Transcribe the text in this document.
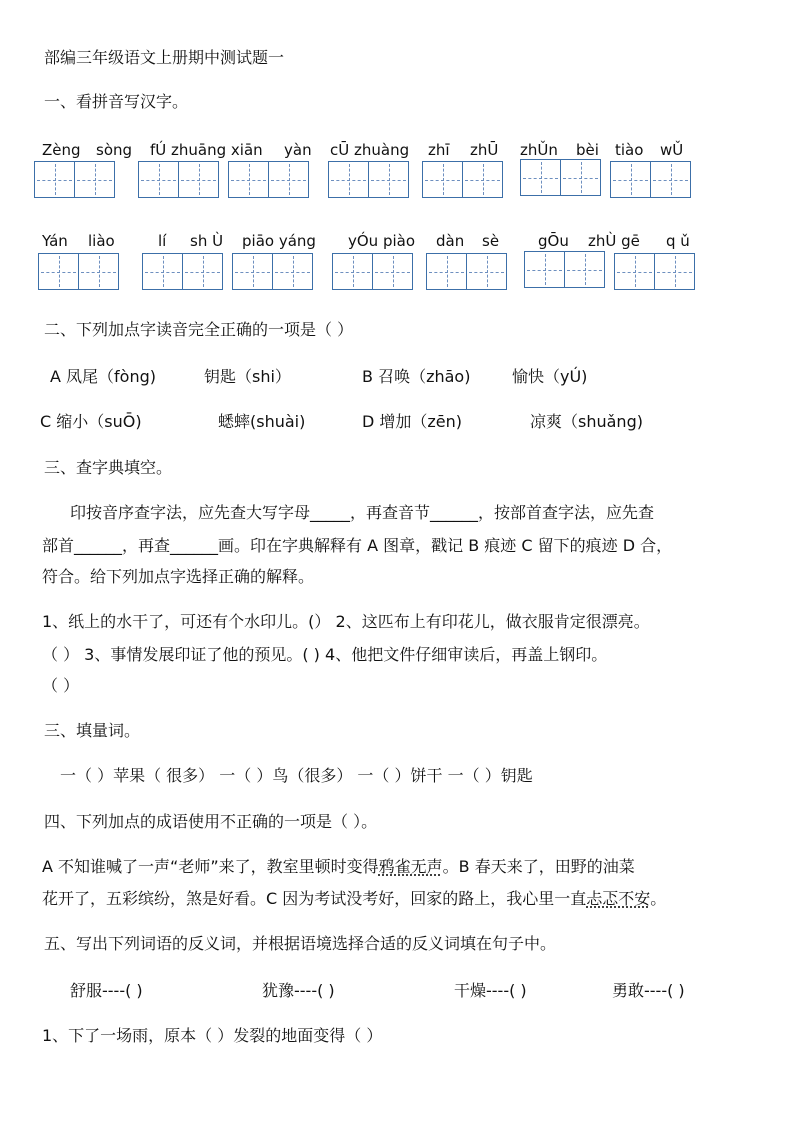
部编三年级语文上册期中测试题一
一、看拼音写汉字。
Zèng sòng fÚ zhuāng xiān yàn cŪ zhuàng zhī zhŪ zhǓn bèi tiào wǓ
Yán liào	lí sh Ù piāo yáng yÓu piào dàn sè	gŌu zhÙ gē q ǔ
二、下列加点字读音完全正确的一项是（ ）
A 凤尾（fòng)	钥匙（shi）	B 召唤（zhāo)	愉快（yÚ)
C 缩小（suŌ)	蟋蟀(shuài)	D 增加（zēn)	凉爽（shuǎng)
三、查字典填空。
印按音序查字法，应先查大写字母_____，再查音节______，按部首查字法，应先查
部首______，再查______画。印在字典解释有 A 图章，戳记 B 痕迹 C 留下的痕迹 D 合，
符合。给下列加点字选择正确的解释。
1、纸上的水干了，可还有个水印儿。(） 2、这匹布上有印花儿，做衣服肯定很漂亮。
（ ） 3、事情发展印证了他的预见。( ) 4、他把文件仔细审读后，再盖上钢印。
（ ）
三、填量词。
一（ ）苹果（ 很多） 一（ ）鸟（很多） 一（ ）饼干 一（ ）钥匙
四、下列加点的成语使用不正确的一项是（ ）。
A 不知谁喊了一声“老师”来了，教室里顿时变得鸦雀无声。B 春天来了，田野的油菜
花开了，五彩缤纷，煞是好看。C 因为考试没考好，回家的路上，我心里一直忐忑不安。
五、写出下列词语的反义词，并根据语境选择合适的反义词填在句子中。
舒服----( )	犹豫----( )	干燥----( )	勇敢----( )
1、下了一场雨，原本（ ）发裂的地面变得（ ）
